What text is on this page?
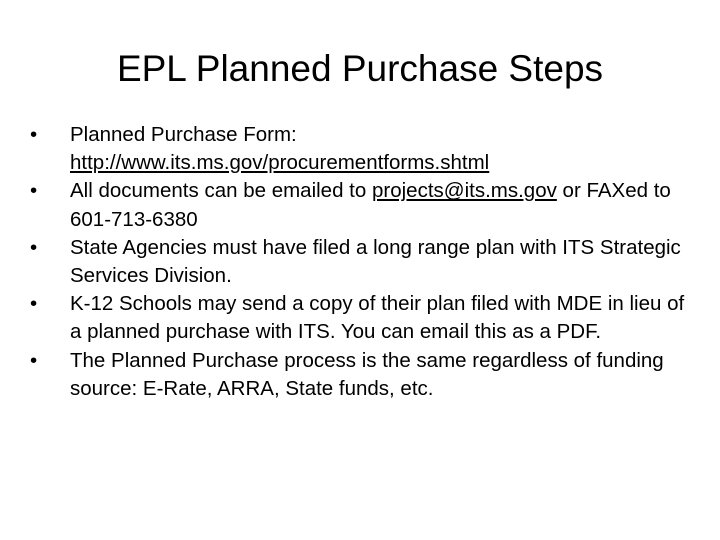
EPL Planned Purchase Steps
• Planned Purchase Form: http://www.its.ms.gov/procurementforms.shtml
• All documents can be emailed to projects@its.ms.gov or FAXed to 601-713-6380
• State Agencies must have filed a long range plan with ITS Strategic Services Division.
• K-12 Schools may send a copy of their plan filed with MDE in lieu of a planned purchase with ITS. You can email this as a PDF.
• The Planned Purchase process is the same regardless of funding source: E-Rate, ARRA, State funds, etc.
